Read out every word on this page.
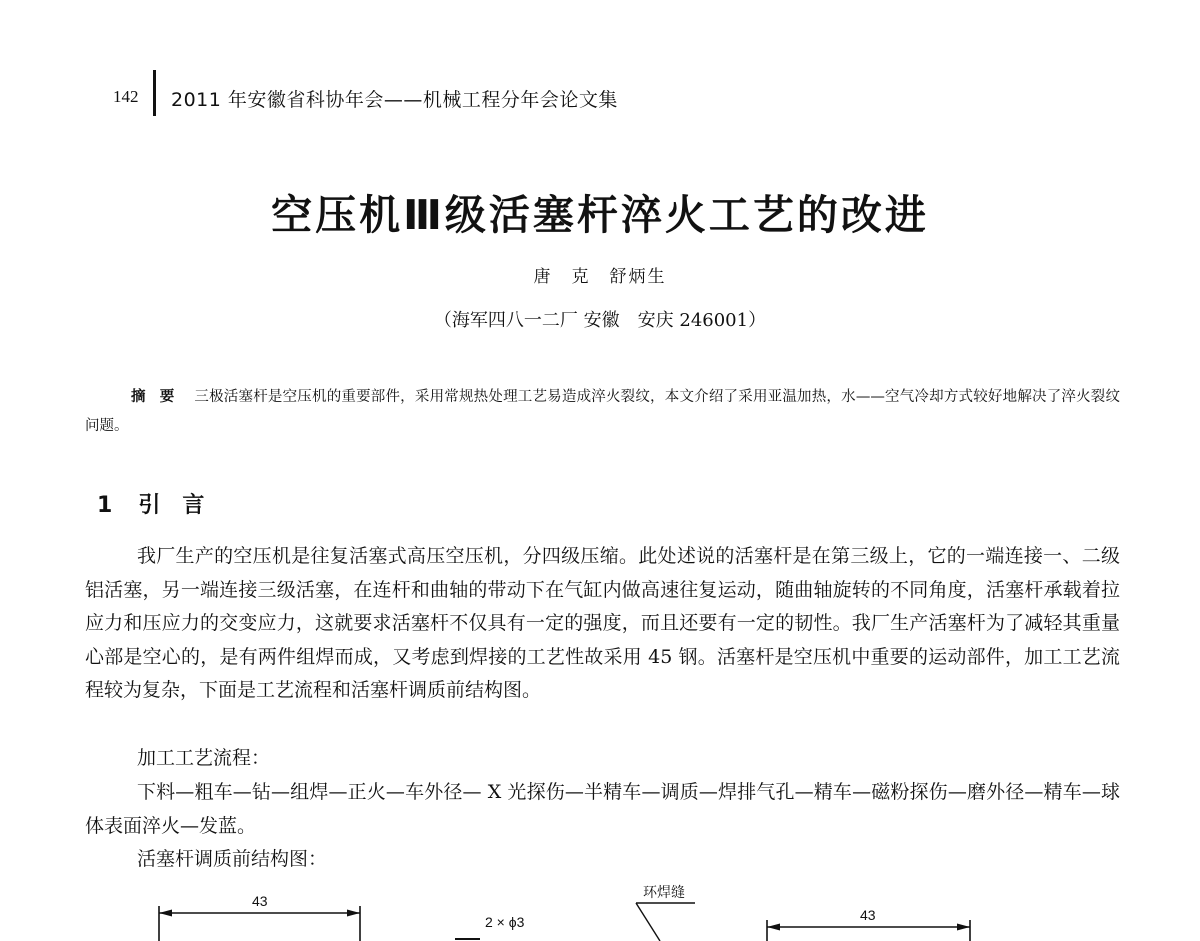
142 2011 年安徽省科协年会——机械工程分年会论文集
空压机Ⅲ级活塞杆淬火工艺的改进
唐　克　舒炳生
（海军四八一二厂 安徽　安庆 246001）
摘要 三极活塞杆是空压机的重要部件，采用常规热处理工艺易造成淬火裂纹，本文介绍了采用亚温加热，水——空气冷却方式较好地解决了淬火裂纹问题。
1 引言
我厂生产的空压机是往复活塞式高压空压机，分四级压缩。此处述说的活塞杆是在第三级上，它的一端连接一、二级铝活塞，另一端连接三级活塞，在连杆和曲轴的带动下在气缸内做高速往复运动，随曲轴旋转的不同角度，活塞杆承载着拉应力和压应力的交变应力，这就要求活塞杆不仅具有一定的强度，而且还要有一定的韧性。我厂生产活塞杆为了减轻其重量心部是空心的，是有两件组焊而成，又考虑到焊接的工艺性故采用 45 钢。活塞杆是空压机中重要的运动部件，加工工艺流程较为复杂，下面是工艺流程和活塞杆调质前结构图。
加工工艺流程：
下料—粗车—钻—组焊—正火—车外径— X 光探伤—半精车—调质—焊排气孔—精车—磁粉探伤—磨外径—精车—球体表面淬火—发蓝。
活塞杆调质前结构图：
43
2 × ϕ3
环焊缝
43
